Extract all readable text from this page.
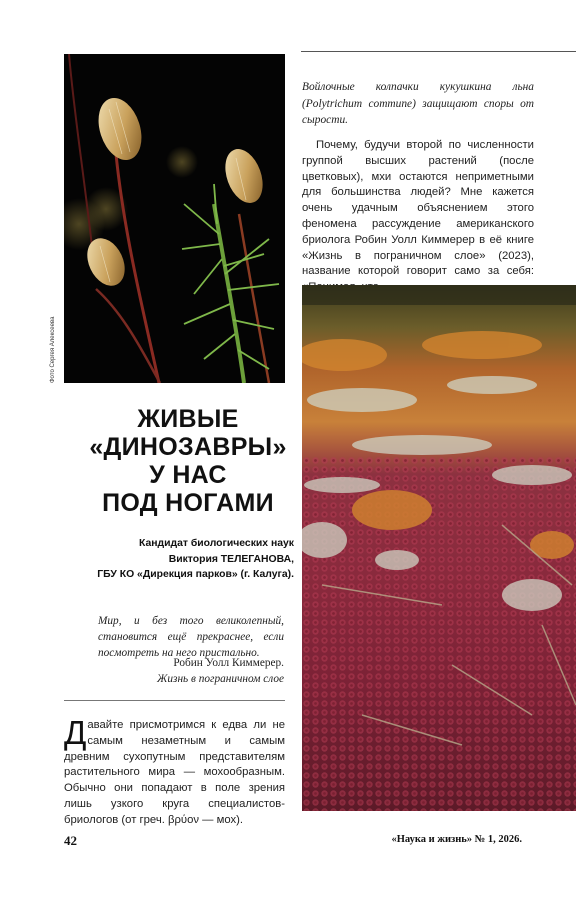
Фото Сергея Алексеева
Войлочные колпачки кукушкина льна (Polytrichum commune) защищают споры от сырости.

Почему, будучи второй по численности группой высших растений (после цветковых), мхи остаются неприметными для большинства людей? Мне кажется очень удачным объяснением этого феномена рассуждение американского бриолога Робин Уолл Киммерер в её книге «Жизнь в пограничном слое» (2023), название которой говорит само за себя:

ЖИВЫЕ
«ДИНОЗАВРЫ»
У НАС
ПОД НОГАМИ
Кандидат биологических наук
Виктория ТЕЛЕГАНОВА,
ГБУ КО «Дирекция парков» (г. Калуга).
Мир, и без того великолепный, становится ещё прекраснее, если посмотреть на него пристально.
Робин Уолл Киммерер.
Жизнь в пограничном слое
Давайте присмотримся к едва ли не самым незаметным и самым древним сухопутным представителям растительного мира — мохообразным. Обычно они попадают в поле зрения лишь узкого круга специалистов-бриологов (от греч. βρύον — мох).
42	«Наука и жизнь» № 1, 2026.
